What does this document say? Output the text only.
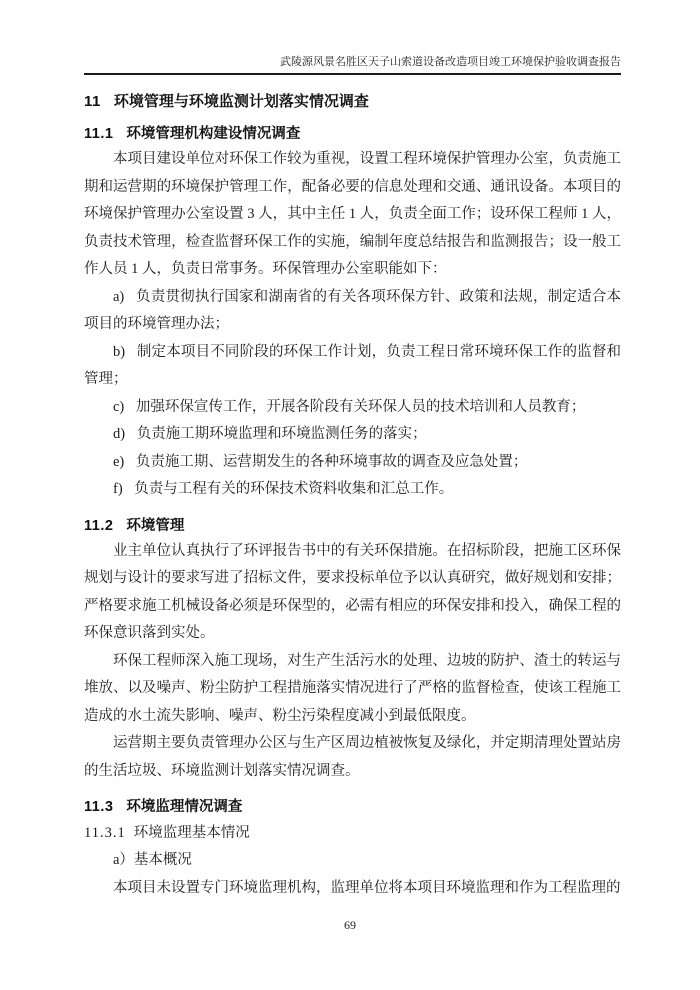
武陵源风景名胜区天子山索道设备改造项目竣工环境保护验收调查报告
11 环境管理与环境监测计划落实情况调查
11.1 环境管理机构建设情况调查

本项目建设单位对环保工作较为重视，设置工程环境保护管理办公室，负责施工期和运营期的环境保护管理工作，配备必要的信息处理和交通、通讯设备。本项目的环境保护管理办公室设置 3 人，其中主任 1 人，负责全面工作；设环保工程师 1 人，负责技术管理，检查监督环保工作的实施，编制年度总结报告和监测报告；设一般工作人员 1 人，负责日常事务。环保管理办公室职能如下：

a) 负责贯彻执行国家和湖南省的有关各项环保方针、政策和法规，制定适合本项目的环境管理办法；

b) 制定本项目不同阶段的环保工作计划，负责工程日常环境环保工作的监督和管理；

c) 加强环保宣传工作，开展各阶段有关环保人员的技术培训和人员教育；

d) 负责施工期环境监理和环境监测任务的落实；

e) 负责施工期、运营期发生的各种环境事故的调查及应急处置；

f) 负责与工程有关的环保技术资料收集和汇总工作。

11.2 环境管理

业主单位认真执行了环评报告书中的有关环保措施。在招标阶段，把施工区环保规划与设计的要求写进了招标文件，要求投标单位予以认真研究，做好规划和安排；严格要求施工机械设备必须是环保型的，必需有相应的环保安排和投入，确保工程的环保意识落到实处。

环保工程师深入施工现场，对生产生活污水的处理、边坡的防护、渣土的转运与堆放、以及噪声、粉尘防护工程措施落实情况进行了严格的监督检查，使该工程施工造成的水土流失影响、噪声、粉尘污染程度减小到最低限度。

运营期主要负责管理办公区与生产区周边植被恢复及绿化，并定期清理处置站房的生活垃圾、环境监测计划落实情况调查。

11.3 环境监理情况调查
11.3.1 环境监理基本情况

a）基本概况

本项目未设置专门环境监理机构，监理单位将本项目环境监理和作为工程监理的

69
